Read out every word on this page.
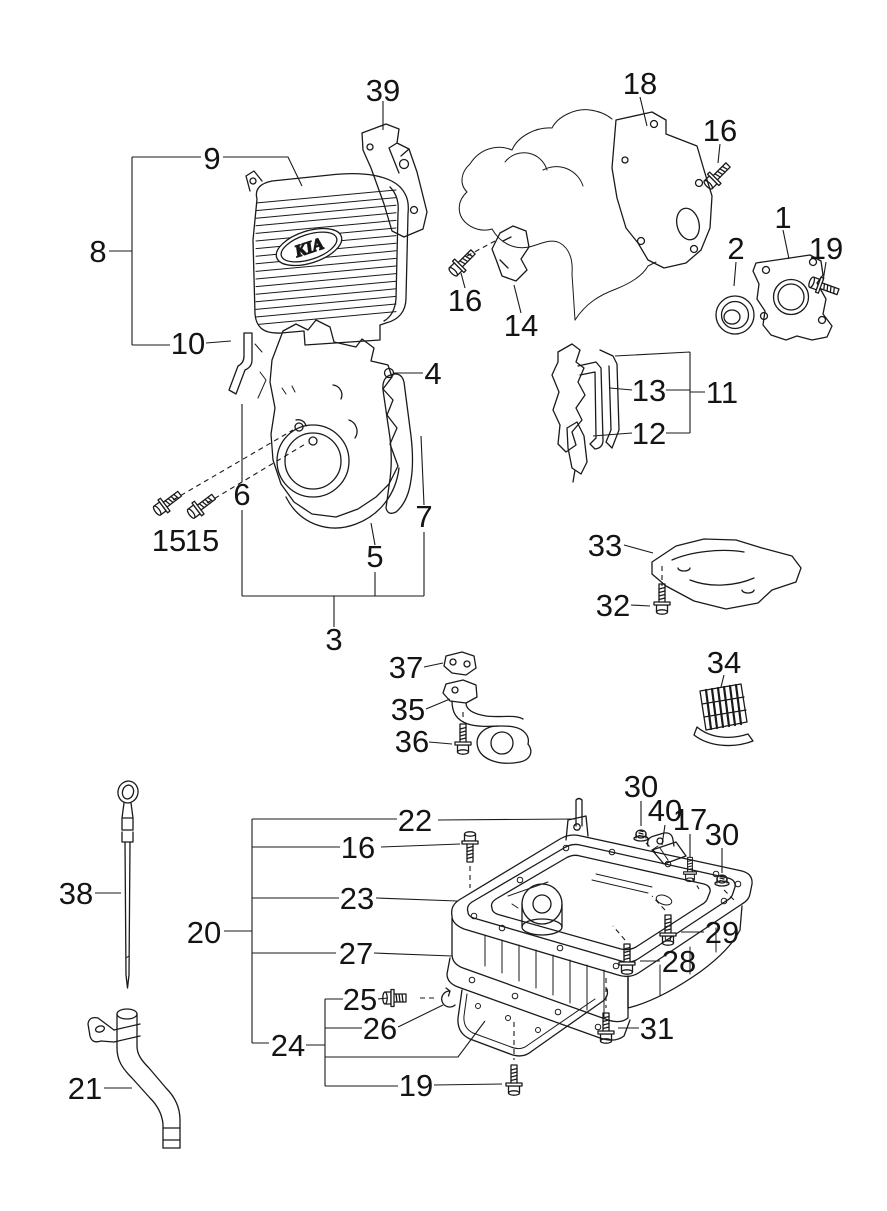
KIA
39
9
8
18
16
1
2 19
16
14
10
4	13 11
12
6
15
15
7
5
3
33
32
37
35
36
34
30
40
17
30
22
16
23
20
27
25
26
24
19
29
28
31
38
21
